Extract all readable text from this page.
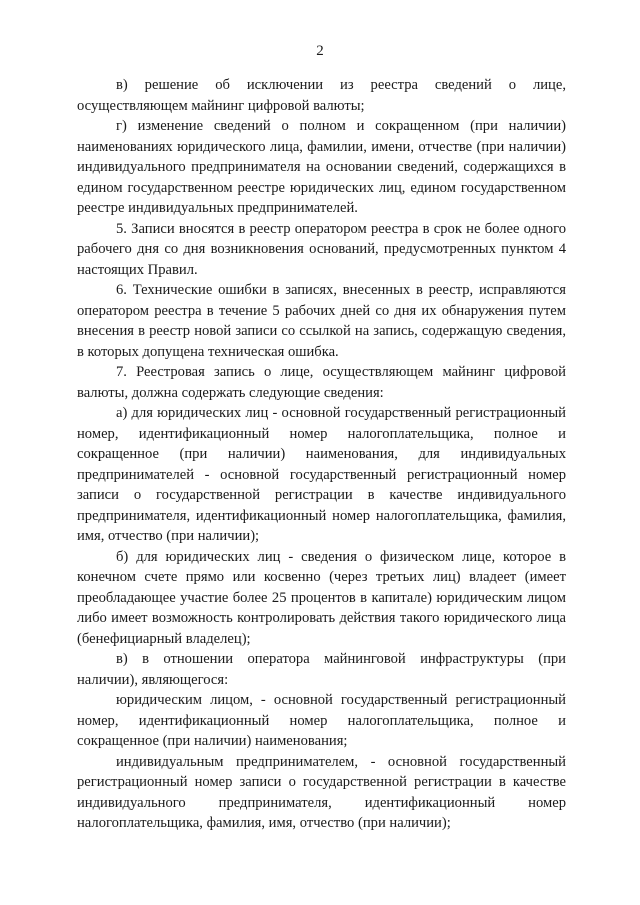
2

в) решение об исключении из реестра сведений о лице, осуществляющем майнинг цифровой валюты;

г) изменение сведений о полном и сокращенном (при наличии) наименованиях юридического лица, фамилии, имени, отчестве (при наличии) индивидуального предпринимателя на основании сведений, содержащихся в едином государственном реестре юридических лиц, едином государственном реестре индивидуальных предпринимателей.

5. Записи вносятся в реестр оператором реестра в срок не более одного рабочего дня со дня возникновения оснований, предусмотренных пунктом 4 настоящих Правил.

6. Технические ошибки в записях, внесенных в реестр, исправляются оператором реестра в течение 5 рабочих дней со дня их обнаружения путем внесения в реестр новой записи со ссылкой на запись, содержащую сведения, в которых допущена техническая ошибка.

7. Реестровая запись о лице, осуществляющем майнинг цифровой валюты, должна содержать следующие сведения:

а) для юридических лиц - основной государственный регистрационный номер, идентификационный номер налогоплательщика, полное и сокращенное (при наличии) наименования, для индивидуальных предпринимателей - основной государственный регистрационный номер записи о государственной регистрации в качестве индивидуального предпринимателя, идентификационный номер налогоплательщика, фамилия, имя, отчество (при наличии);

б) для юридических лиц - сведения о физическом лице, которое в конечном счете прямо или косвенно (через третьих лиц) владеет (имеет преобладающее участие более 25 процентов в капитале) юридическим лицом либо имеет возможность контролировать действия такого юридического лица (бенефициарный владелец);

в) в отношении оператора майнинговой инфраструктуры (при наличии), являющегося:

юридическим лицом, - основной государственный регистрационный номер, идентификационный номер налогоплательщика, полное и сокращенное (при наличии) наименования;

индивидуальным предпринимателем, - основной государственный регистрационный номер записи о государственной регистрации в качестве индивидуального предпринимателя, идентификационный номер налогоплательщика, фамилия, имя, отчество (при наличии);
